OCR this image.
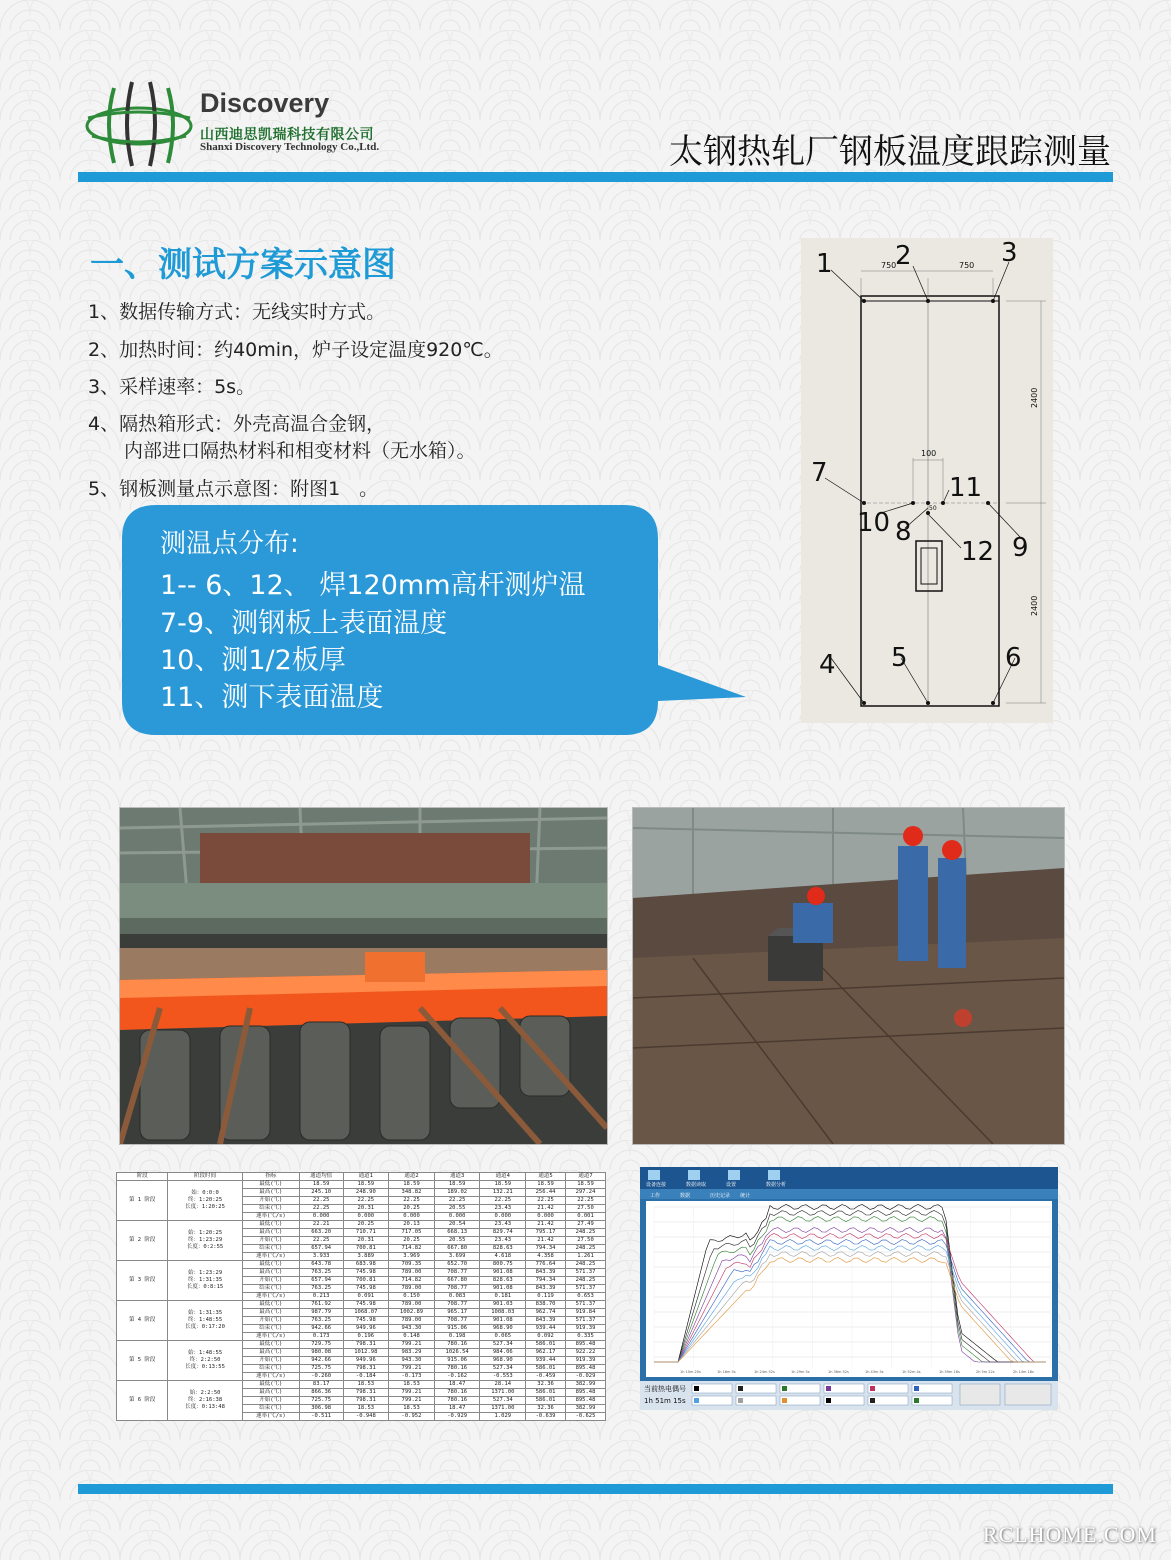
Discovery
山西迪思凯瑞科技有限公司
Shanxi Discovery Technology Co.,Ltd.	太钢热轧厂钢板温度跟踪测量
一、测试方案示意图
1、数据传输方式：无线实时方式。
2、加热时间：约40min，炉子设定温度920℃。
3、采样速率：5s。
4、隔热箱形式：外壳高温合金钢，
内部进口隔热材料和相变材料（无水箱）。
5、钢板测量点示意图：附图1　。
测温点分布:
1-- 6、12、 焊120mm高杆测炉温
7-9、测钢板上表面温度
10、测1/2板厚
11、测下表面温度
1 2	3
4 5	6
7
8
9
10
11
12
750	750
100
50
2400
2400
阶段	阶段时间	指标	通道均值	通道1	通道2	通道3	通道4	通道5	通道7
第 1 阶段	始：0:0:0
终：1:20:25
长度：1:20:25	最低(℃)	18.59	18.59	18.59	18.59	18.59	18.59	18.59
		最高(℃)	245.10	248.90	348.82	189.02	132.21	256.44	297.24
		开始(℃)	22.25	22.25	22.25	22.25	22.25	22.25	22.25
		结束(℃)	22.25	20.31	20.25	20.55	23.43	21.42	27.50
		速率(℃/s)	0.000	0.000	0.000	0.000	0.000	0.000	0.001
第 2 阶段	始：1:20:25
终：1:23:29
长度：0:2:55	最低(℃)	22.21	20.25	20.13	20.54	23.43	21.42	27.49
		最高(℃)	663.20	710.71	717.05	668.13	829.74	795.17	248.25
		开始(℃)	22.25	20.31	20.25	20.55	23.43	21.42	27.50
		结束(℃)	657.94	700.81	714.82	667.80	828.63	794.34	248.25
		速率(℃/s)	3.933	3.889	3.969	3.699	4.618	4.358	1.261
第 3 阶段	始：1:23:29
终：1:31:35
长度：0:8:15	最低(℃)	643.78	683.98	709.35	652.70	800.75	776.64	248.25
		最高(℃)	763.25	745.98	789.00	708.77	901.08	843.39	571.37
		开始(℃)	657.94	700.81	714.82	667.80	828.63	794.34	248.25
		结束(℃)	763.25	745.98	789.00	708.77	901.08	843.39	571.37
		速率(℃/s)	0.213	0.091	0.150	0.083	0.181	0.119	0.653
第 4 阶段	始：1:31:35
终：1:48:55
长度：0:17:20	最低(℃)	761.92	745.98	789.00	708.77	901.03	838.70	571.37
		最高(℃)	987.79	1068.07	1002.89	965.17	1008.03	962.74	919.84
		开始(℃)	763.25	745.98	789.00	708.77	901.08	843.39	571.37
		结束(℃)	942.66	949.96	943.30	915.06	968.90	939.44	919.39
		速率(℃/s)	0.173	0.196	0.148	0.198	0.065	0.092	0.335
第 5 阶段	始：1:48:55
终：2:2:50
长度：0:13:55	最低(℃)	729.75	798.31	799.21	780.16	527.34	586.01	895.48
		最高(℃)	980.08	1012.98	983.29	1026.54	984.06	962.17	922.22
		开始(℃)	942.66	949.96	943.30	915.06	968.90	939.44	919.39
		结束(℃)	725.75	798.31	799.21	780.16	527.34	586.01	895.48
		速率(℃/s)	-0.260	-0.184	-0.173	-0.162	-0.553	-0.459	-0.029
第 6 阶段	始：2:2:50
终：2:16:38
长度：0:13:48	最低(℃)	83.17	18.53	18.53	18.47	28.14	32.36	382.99
		最高(℃)	866.36	798.31	799.21	780.16	1371.00	586.01	895.48
		开始(℃)	725.75	798.31	799.21	780.16	527.34	586.01	895.48
		结束(℃)	306.98	18.53	18.53	18.47	1371.00	32.36	382.99
		速率(℃/s)	-0.511	-0.948	-0.952	-0.929	1.029	-0.639	-0.625
设备连接	数据读取	设置	数据分析
工作	数据	历史记录 统计
1h 15m 20s	1h 16m 5s	1h 24m 52s	1h 29m 5s	1h 36m 52s	1h 43m 5s	1h 52m 4s	1h 59m 18s	2h 5m 22s	2h 14m 18s
当前热电偶号
1h 51m 15s
RCLHOME.COM
